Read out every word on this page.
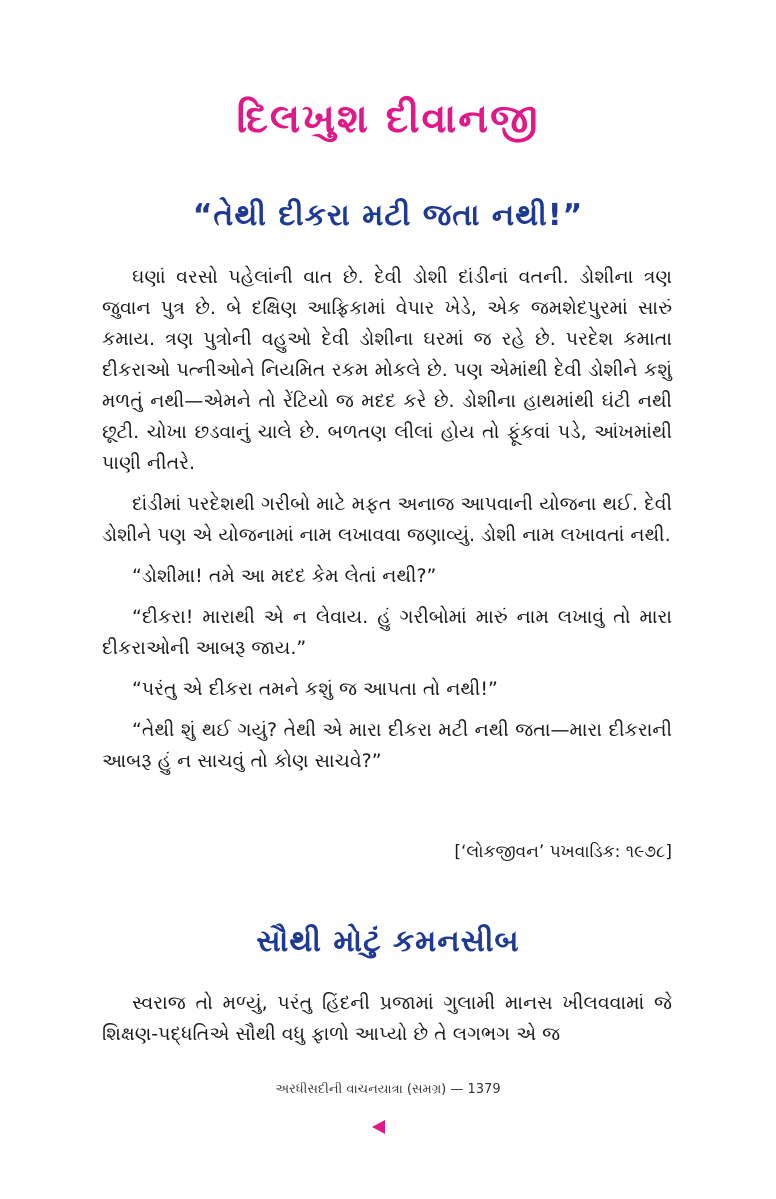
દિલખુશ દીવાનજી
“તેથી દીકરા મટી જતા નથી!”

ઘણાં વરસો પહેલાંની વાત છે. દેવી ડોશી દાંડીનાં વતની. ડોશીના ત્રણ જુવાન પુત્ર છે. બે દક્ષિણ આફ્રિકામાં વેપાર ખેડે, એક જમશેદપુરમાં સારું કમાય. ત્રણ પુત્રોની વહુઓ દેવી ડોશીના ઘરમાં જ રહે છે. પરદેશ કમાતા દીકરાઓ પત્નીઓને નિયમિત રકમ મોકલે છે. પણ એમાંથી દેવી ડોશીને કશું મળતું નથી—એમને તો રેંટિયો જ મદદ કરે છે. ડોશીના હાથમાંથી ઘંટી નથી છૂટી. ચોખા છડવાનું ચાલે છે. બળતણ લીલાં હોય તો ફૂંકવાં પડે, આંખમાંથી પાણી નીતરે.

દાંડીમાં પરદેશથી ગરીબો માટે મફત અનાજ આપવાની યોજના થઈ. દેવી ડોશીને પણ એ યોજનામાં નામ લખાવવા જણાવ્યું. ડોશી નામ લખાવતાં નથી.

“ડોશીમા! તમે આ મદદ કેમ લેતાં નથી?”

“દીકરા! મારાથી એ ન લેવાય. હું ગરીબોમાં મારું નામ લખાવું તો મારા દીકરાઓની આબરૂ જાય.”

“પરંતુ એ દીકરા તમને કશું જ આપતા તો નથી!”

“તેથી શું થઈ ગયું? તેથી એ મારા દીકરા મટી નથી જતા—મારા દીકરાની આબરૂ હું ન સાચવું તો કોણ સાચવે?”

[‘લોકજીવન’ પખવાડિક: ૧૯૭૮]
સૌથી મોટું કમનસીબ

સ્વરાજ તો મળ્યું, પરંતુ હિંદની પ્રજામાં ગુલામી માનસ ખીલવવામાં જે શિક્ષણ-પદ્ધતિએ સૌથી વધુ ફાળો આપ્યો છે તે લગભગ એ જ

અરધીસદીની વાચનયાત્રા (સમગ્ર) — 1379
